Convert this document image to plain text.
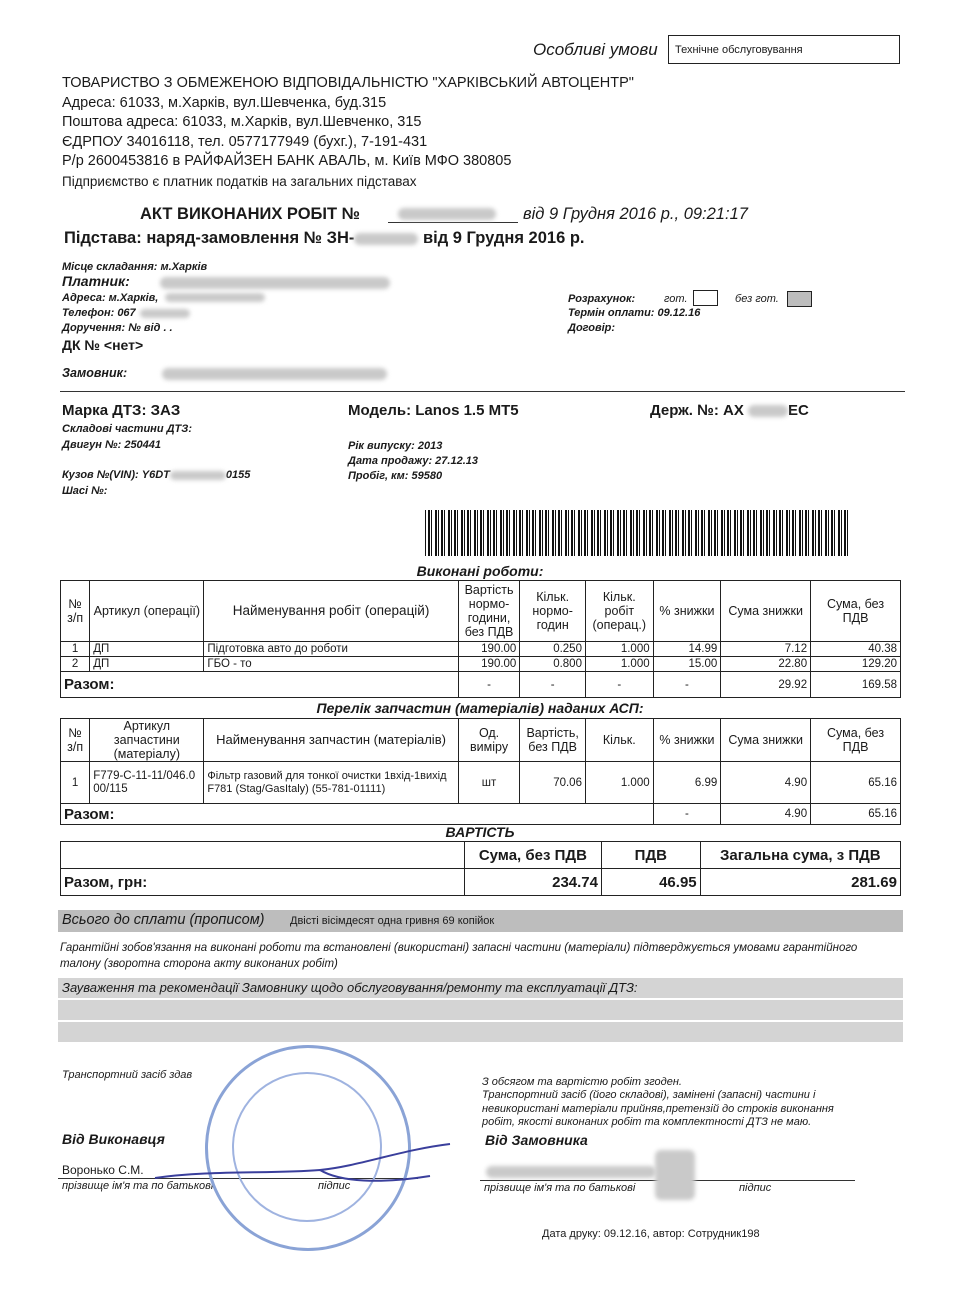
Особливі умови	Технічне обслуговування
ТОВАРИСТВО З ОБМЕЖЕНОЮ ВІДПОВІДАЛЬНІСТЮ "ХАРКІВСЬКИЙ АВТОЦЕНТР"
Адреса: 61033, м.Харків, вул.Шевченка, буд.315
Поштова адреса: 61033, м.Харків, вул.Шевченко, 315
ЄДРПОУ 34016118, тел. 0577177949 (бухг.), 7-191-431
Р/р 2600453816 в РАЙФАЙЗЕН БАНК АВАЛЬ, м. Київ МФО 380805
Підприємство є платник податків на загальних підставах
АКТ ВИКОНАНИХ РОБІТ №	від 9 Грудня 2016 р., 09:21:17
Підстава: наряд-замовлення № ЗН-	від 9 Грудня 2016 р.
Місце складання: м.Харків
Платник:
Адреса: м.Харків,
Телефон: 067
Доручення: № від . .
ДК № <нет>
Замовник:
Розрахунок:	гот.	без гот.
Термін оплати: 09.12.16
Договір:
Марка ДТЗ: ЗАЗ	Модель: Lanos 1.5 MT5	Держ. №: АХ	ЕС
Складові частини ДТЗ:
Двигун №: 250441	Рік випуску: 2013
Дата продажу: 27.12.13
Пробіг, км: 59580
Кузов №(VIN): Y6DT	0155
Шасі №:
Виконані роботи:
№ з/п	Артикул (операції)	Найменування робіт (операцій)	Вартість нормо-години, без ПДВ	Кільк. нормо-годин	Кільк. робіт (операц.)	% знижки	Сума знижки	Сума, без ПДВ
1	ДП	Підготовка авто до роботи	190.00	0.250	1.000	14.99	7.12	40.38
2	ДП	ГБО - то	190.00	0.800	1.000	15.00	22.80	129.20
Разом:			-	-	-	-	29.92	169.58
Перелік запчастин (матеріалів) наданих АСП:
№ з/п	Артикул запчастини (матеріалу)	Найменування запчастин (матеріалів)	Од. виміру	Вартість, без ПДВ	Кільк.	% знижки	Сума знижки	Сума, без ПДВ
1	F779-C-11-11/046.0 00/115	Фільтр газовий для тонкої очистки 1вхід-1вихід F781 (Stag/GasItaly) (55-781-01111)	шт	70.06	1.000	6.99	4.90	65.16
Разом:						-	4.90	65.16
ВАРТІСТЬ
	Сума, без ПДВ	ПДВ	Загальна сума, з ПДВ
Разом, грн:	234.74	46.95	281.69
Всього до сплати (прописом) Двісті вісімдесят одна гривня 69 копійок
Гарантійні зобов'язання на виконані роботи та встановлені (використані) запасні частини (матеріали) підтверджується умовами гарантійного талону (зворотна сторона акту виконаних робіт)
Зауваження та рекомендації Замовнику щодо обслуговування/ремонту та експлуатації ДТЗ:
Транспортний засіб здав
Від Виконавця
Воронько С.М.
прізвище ім'я та по батькові	підпис
З обсягом та вартістю робіт згоден.
Транспортний засіб (його складові), замінені (запасні) частини і невикористані матеріали прийняв,претензій до строків виконання робіт, якості виконаних робіт та комплектності ДТЗ не маю.
Від Замовника
прізвище ім'я та по батькові	підпис
Дата друку: 09.12.16, автор: Сотрудник198
